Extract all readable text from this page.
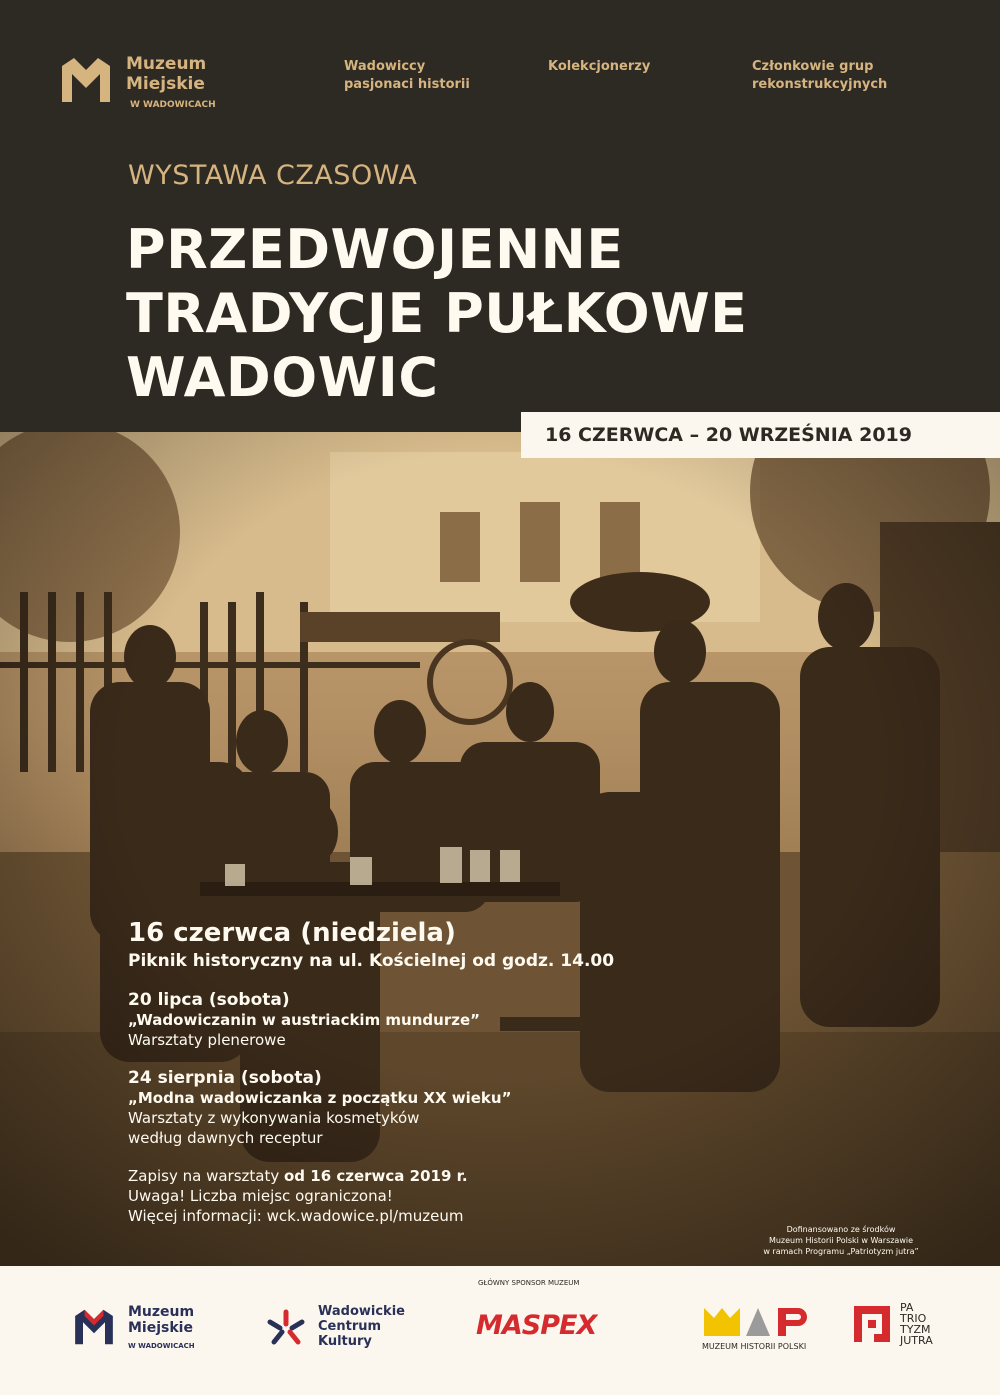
Muzeum
Miejskie
W WADOWICACH
Wadowiccy
pasjonaci historii
Kolekcjonerzy	Członkowie grup
rekonstrukcyjnych
WYSTAWA CZASOWA
PRZEDWOJENNE
TRADYCJE PUŁKOWE
WADOWIC
16 CZERWCA – 20 WRZEŚNIA 2019

16 czerwca (niedziela)

Piknik historyczny na ul. Kościelnej od godz. 14.00

20 lipca (sobota)

„Wadowiczanin w austriackim mundurze”

Warsztaty plenerowe

24 sierpnia (sobota)

„Modna wadowiczanka z początku XX wieku”

Warsztaty z wykonywania kosmetyków

według dawnych receptur

Zapisy na warsztaty od 16 czerwca 2019 r.

Uwaga! Liczba miejsc ograniczona!

Więcej informacji: wck.wadowice.pl/muzeum

Dofinansowano ze środków
Muzeum Historii Polski w Warszawie
w ramach Programu „Patriotyzm jutra”
GŁÓWNY SPONSOR MUZEUM
Muzeum
Miejskie
W WADOWICACH
Wadowickie
Centrum
Kultury
MASPEX
MUZEUM HISTORII POLSKI
PA
TRIO
TYZM
JUTRA
